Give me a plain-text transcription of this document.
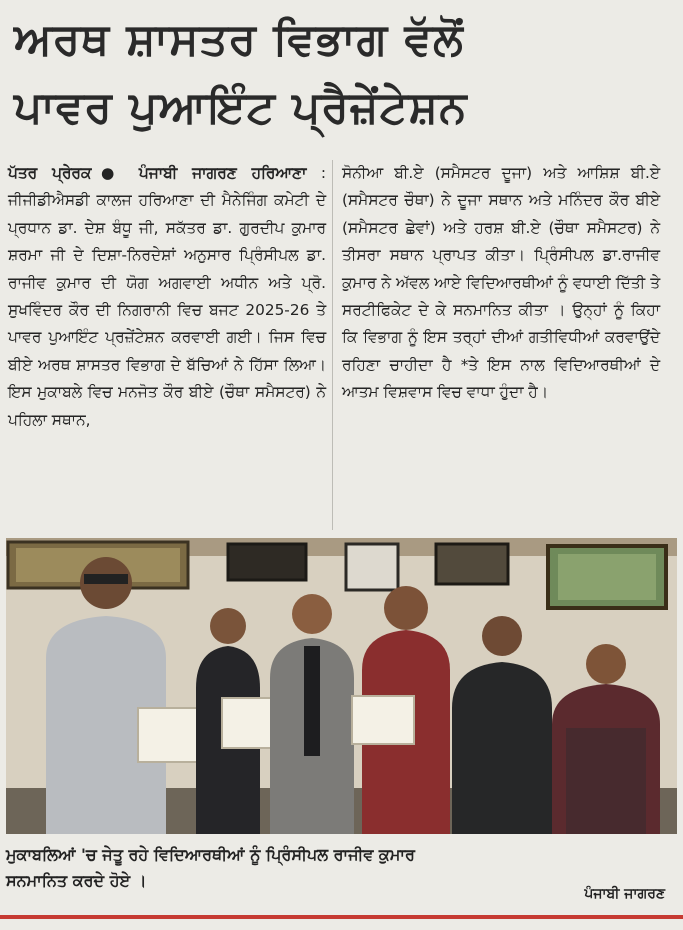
ਅਰਥ ਸ਼ਾਸਤਰ ਵਿਭਾਗ ਵੱਲੋਂ
ਪਾਵਰ ਪੁਆਇੰਟ ਪ੍ਰੈਜ਼ੇਂਟੇਸ਼ਨ
ਪੱਤਰ ਪ੍ਰੇਰਕ● ਪੰਜਾਬੀ ਜਾਗਰਣ ਹਰਿਆਣਾ : ਜੀਜੀਡੀਐਸਡੀ ਕਾਲਜ ਹਰਿਆਣਾ ਦੀ ਮੈਨੇਜਿੰਗ ਕਮੇਟੀ ਦੇ ਪ੍ਰਧਾਨ ਡਾ. ਦੇਸ਼ ਬੰਧੂ ਜੀ, ਸਕੱਤਰ ਡਾ. ਗੁਰਦੀਪ ਕੁਮਾਰ ਸ਼ਰਮਾ ਜੀ ਦੇ ਦਿਸ਼ਾ-ਨਿਰਦੇਸ਼ਾਂ ਅਨੁਸਾਰ ਪ੍ਰਿੰਸੀਪਲ ਡਾ. ਰਾਜੀਵ ਕੁਮਾਰ ਦੀ ਯੋਗ ਅਗਵਾਈ ਅਧੀਨ ਅਤੇ ਪ੍ਰੋ. ਸੁਖਵਿੰਦਰ ਕੌਰ ਦੀ ਨਿਗਰਾਨੀ ਵਿਚ ਬਜਟ 2025-26 ਤੇ ਪਾਵਰ ਪੁਆਇੰਟ ਪ੍ਰਜ਼ੇਂਟੇਸ਼ਨ ਕਰਵਾਈ ਗਈ। ਜਿਸ ਵਿਚ ਬੀਏ ਅਰਥ ਸ਼ਾਸਤਰ ਵਿਭਾਗ ਦੇ ਬੱਚਿਆਂ ਨੇ ਹਿੱਸਾ ਲਿਆ। ਇਸ ਮੁਕਾਬਲੇ ਵਿਚ ਮਨਜੋਤ ਕੌਰ ਬੀਏ (ਚੌਥਾ ਸਮੈਸਟਰ) ਨੇ ਪਹਿਲਾ ਸਥਾਨ,
ਸੋਨੀਆ ਬੀ.ਏ (ਸਮੈਸਟਰ ਦੂਜਾ) ਅਤੇ ਆਸ਼ਿਸ਼ ਬੀ.ਏ (ਸਮੈਸਟਰ ਚੌਥਾ) ਨੇ ਦੂਜਾ ਸਥਾਨ ਅਤੇ ਮਨਿੰਦਰ ਕੌਰ ਬੀਏ (ਸਮੈਸਟਰ ਛੇਵਾਂ) ਅਤੇ ਹਰਸ਼ ਬੀ.ਏ (ਚੌਥਾ ਸਮੈਸਟਰ) ਨੇ ਤੀਸਰਾ ਸਥਾਨ ਪ੍ਰਾਪਤ ਕੀਤਾ। ਪ੍ਰਿੰਸੀਪਲ ਡਾ.ਰਾਜੀਵ ਕੁਮਾਰ ਨੇ ਅੱਵਲ ਆਏ ਵਿਦਿਆਰਥੀਆਂ ਨੂੰ ਵਧਾਈ ਦਿੱਤੀ ਤੇ ਸਰਟੀਫਿਕੇਟ ਦੇ ਕੇ ਸਨਮਾਨਿਤ ਕੀਤਾ । ਉਨ੍ਹਾਂ ਨੂੰ ਕਿਹਾ ਕਿ ਵਿਭਾਗ ਨੂੰ ਇਸ ਤਰ੍ਹਾਂ ਦੀਆਂ ਗਤੀਵਿਧੀਆਂ ਕਰਵਾਉਂਦੇ ਰਹਿਣਾ ਚਾਹੀਦਾ ਹੈ *ਤੇ ਇਸ ਨਾਲ ਵਿਦਿਆਰਥੀਆਂ ਦੇ ਆਤਮ ਵਿਸ਼ਵਾਸ ਵਿਚ ਵਾਧਾ ਹੁੰਦਾ ਹੈ।
ਮੁਕਾਬਲਿਆਂ 'ਚ ਜੇਤੂ ਰਹੇ ਵਿਦਿਆਰਥੀਆਂ ਨੂੰ ਪ੍ਰਿੰਸੀਪਲ ਰਾਜੀਵ ਕੁਮਾਰ
ਸਨਮਾਨਿਤ ਕਰਦੇ ਹੋਏ ।
ਪੰਜਾਬੀ ਜਾਗਰਣ
